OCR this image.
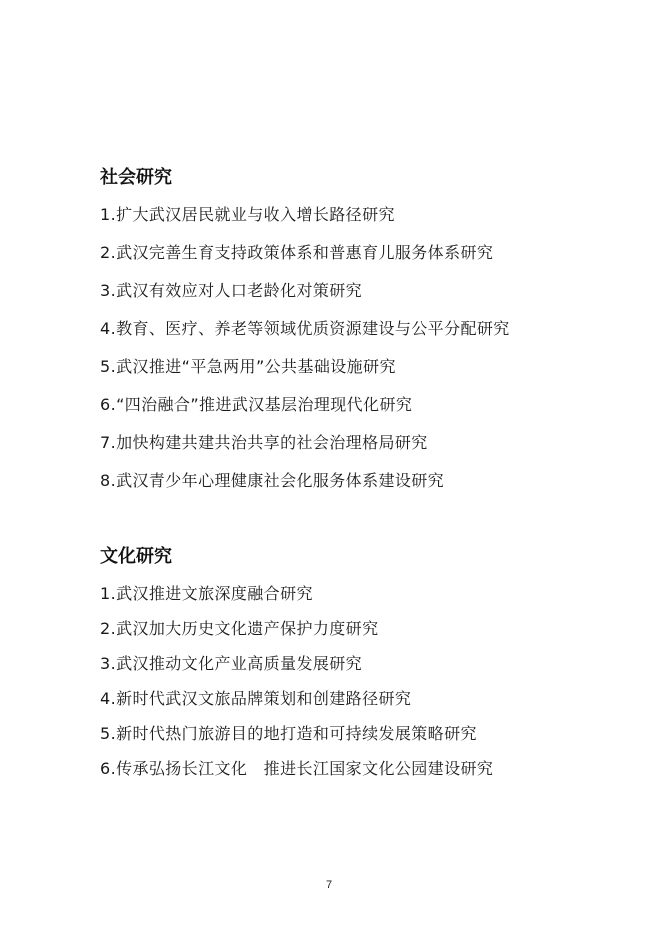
社会研究
1.扩大武汉居民就业与收入增长路径研究
2.武汉完善生育支持政策体系和普惠育儿服务体系研究
3.武汉有效应对人口老龄化对策研究
4.教育、医疗、养老等领域优质资源建设与公平分配研究
5.武汉推进“平急两用”公共基础设施研究
6.“四治融合”推进武汉基层治理现代化研究
7.加快构建共建共治共享的社会治理格局研究
8.武汉青少年心理健康社会化服务体系建设研究
文化研究
1.武汉推进文旅深度融合研究
2.武汉加大历史文化遗产保护力度研究
3.武汉推动文化产业高质量发展研究
4.新时代武汉文旅品牌策划和创建路径研究
5.新时代热门旅游目的地打造和可持续发展策略研究
6.传承弘扬长江文化　推进长江国家文化公园建设研究
7
